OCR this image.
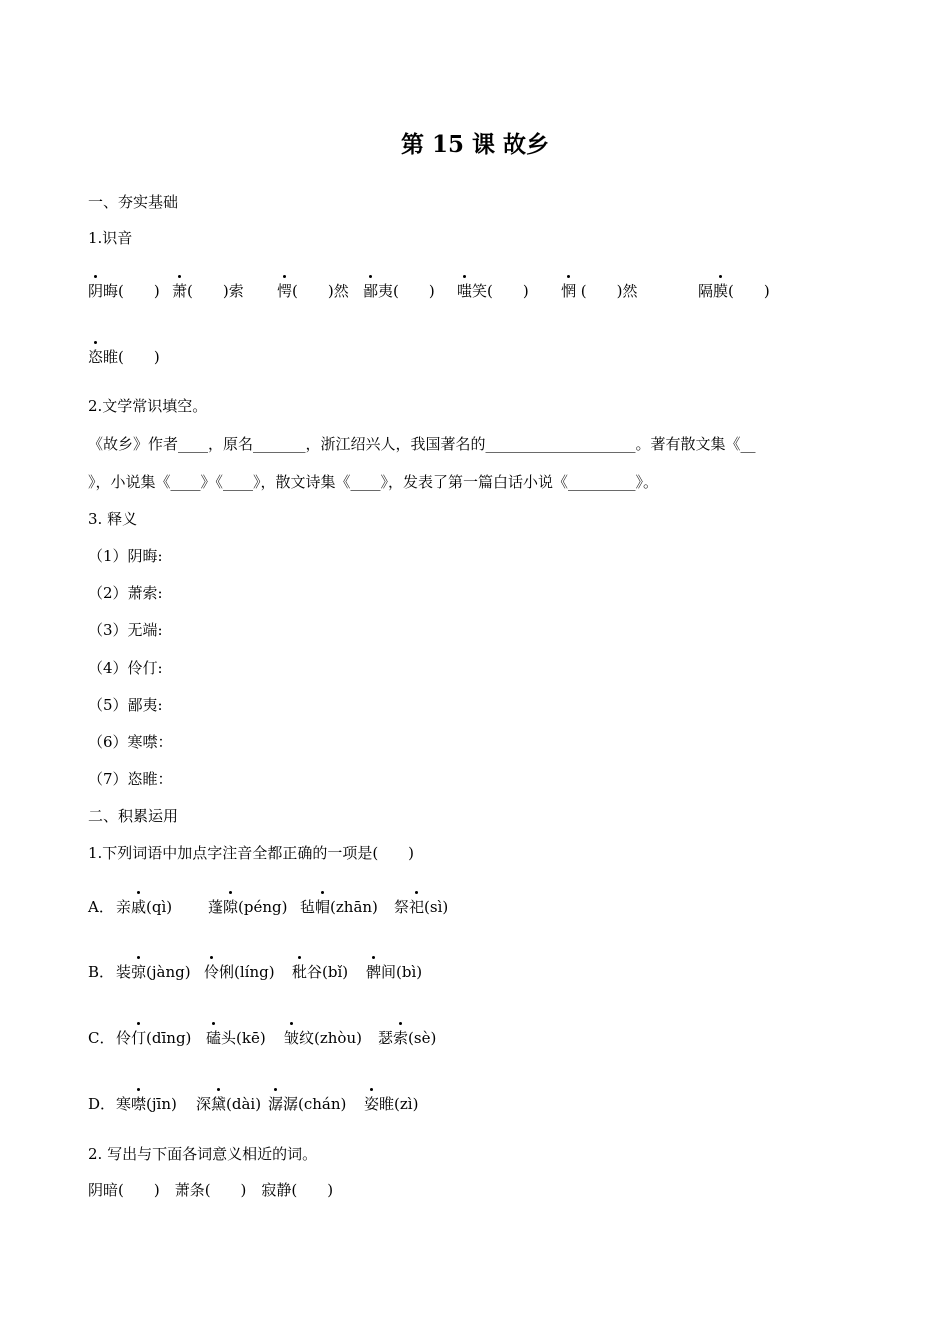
第 15 课 故乡
一、夯实基础
1.识音
阴晦(  ) 萧(  )索 愕(  )然 鄙夷(  ) 嗤笑(  ) 惘 (  )然	隔膜(  )
恣睢(  )
2.文学常识填空。
《故乡》作者____，原名_______，浙江绍兴人，我国著名的____________________。著有散文集《__
》，小说集《____》《____》，散文诗集《____》，发表了第一篇白话小说《_________》。
3. 释义
（1）阴晦:
（2）萧索:
（3）无端:
（4）伶仃:
（5）鄙夷:
（6）寒噤：
（7）恣睢：
二、积累运用
1.下列词语中加点字注音全都正确的一项是(  )
A． 亲戚(qì) 蓬隙(péng) 毡帽(zhān) 祭祀(sì)
B． 装弶(jàng) 伶俐(líng) 秕谷(bǐ) 髀间(bì)
C． 伶仃(dīng) 磕头(kē) 皱纹(zhòu) 瑟索(sè)
D． 寒噤(jīn) 深黛(dài) 潺潺(chán) 姿睢(zì)
2. 写出与下面各词意义相近的词。
阴暗(  ) 萧条(  ) 寂静(  )
